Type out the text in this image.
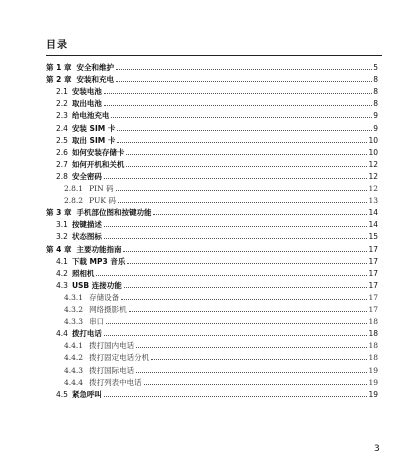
目录
第 1 章 安全和维护	5
第 2 章 安装和充电	8
2.1 安装电池	8
2.2 取出电池	8
2.3 给电池充电	9
2.4 安装 SIM 卡	9
2.5 取出 SIM 卡	10
2.6 如何安装存储卡	10
2.7 如何开机和关机	12
2.8 安全密码	12
2.8.1 PIN 码	12
2.8.2 PUK 码	13
第 3 章 手机部位图和按键功能	14
3.1 按键描述	14
3.2 状态图标	15
第 4 章 主要功能指南	17
4.1 下载 MP3 音乐	17
4.2 照相机	17
4.3 USB 连接功能	17
4.3.1 存储设备	17
4.3.2 网络摄影机	17
4.3.3 串口	18
4.4 拨打电话	18
4.4.1 拨打国内电话	18
4.4.2 拨打固定电话分机	18
4.4.3 拨打国际电话	19
4.4.4 拨打列表中电话	19
4.5 紧急呼叫	19
3
